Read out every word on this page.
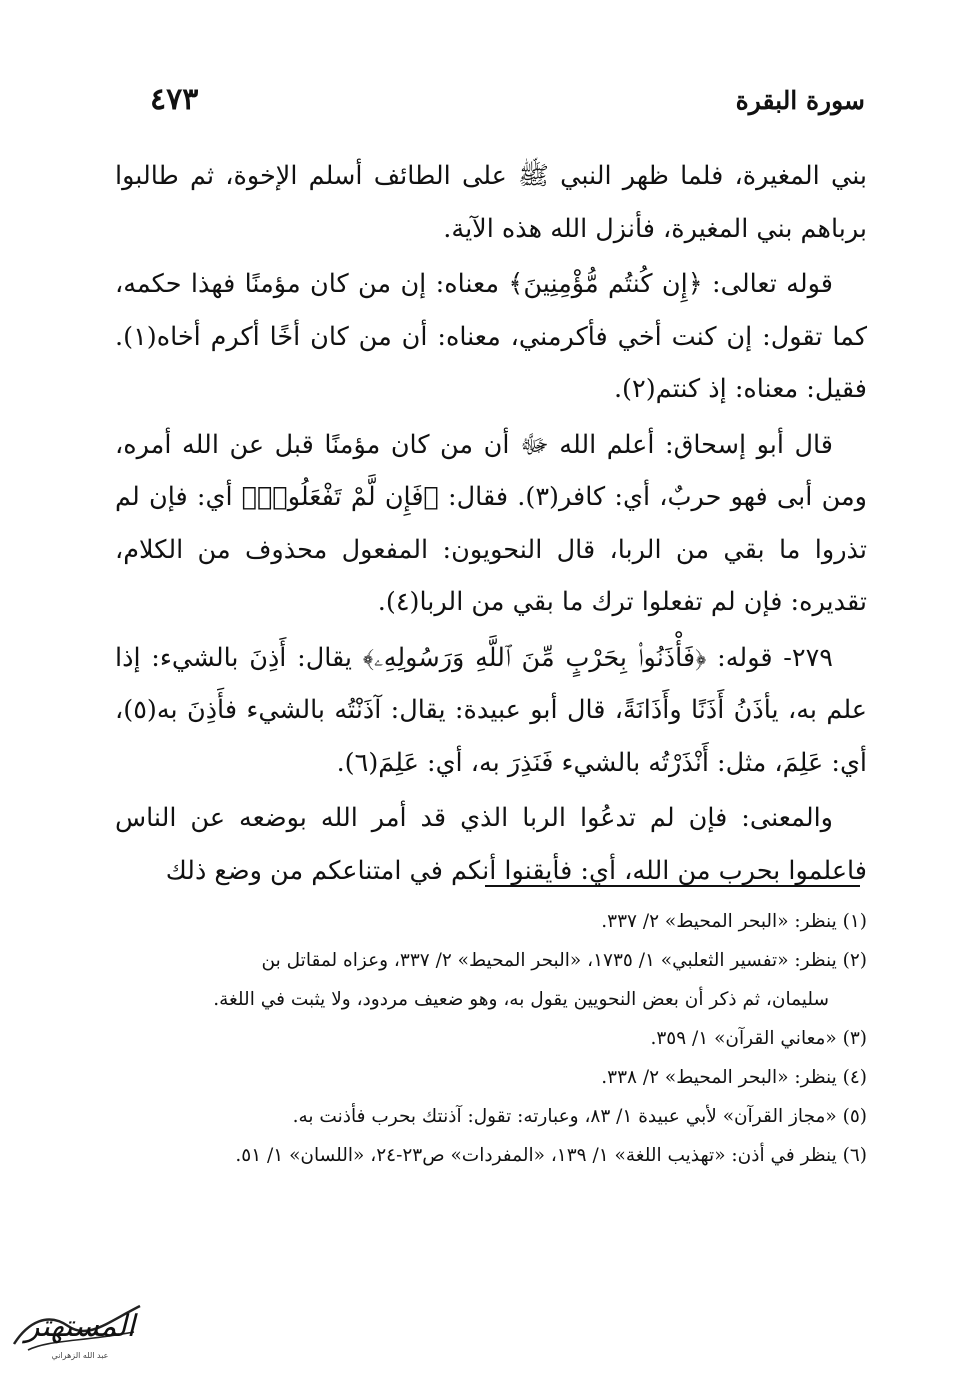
سورة البقرة
٤٧٣

بني المغيرة، فلما ظهر النبي ﷺ على الطائف أسلم الإخوة، ثم طالبوا برباهم بني المغيرة، فأنزل الله هذه الآية.

قوله تعالى: ﴿إِن كُنتُم مُّؤْمِنِينَ﴾ معناه: إن من كان مؤمنًا فهذا حكمه، كما تقول: إن كنت أخي فأكرمني، معناه: أن من كان أخًا أكرم أخاه(١). فقيل: معناه: إذ كنتم(٢).

قال أبو إسحاق: أعلم الله ﷻ أن من كان مؤمنًا قبل عن الله أمره، ومن أبى فهو حربٌ، أي: كافر(٣). فقال: ﴿فَإِن لَّمْ تَفْعَلُوا۟﴾ أي: فإن لم تذروا ما بقي من الربا، قال النحويون: المفعول محذوف من الكلام، تقديره: فإن لم تفعلوا ترك ما بقي من الربا(٤).

٢٧٩- قوله: ﴿فَأْذَنُوا۟ بِحَرْبٍ مِّنَ ٱللَّهِ وَرَسُولِهِۦ﴾ يقال: أَذِنَ بالشيء: إذا علم به، يأذَنُ أَذَنًا وأَذَانَةً، قال أبو عبيدة: يقال: آذَنْتُه بالشيء فأَذِنَ به(٥)، أي: عَلِمَ، مثل: أَنْذَرْتُه بالشيء فَنَذِرَ به، أي: عَلِمَ(٦).

والمعنى: فإن لم تدعُوا الربا الذي قد أمر الله بوضعه عن الناس فاعلموا بحرب من الله، أي: فأيقنوا أنكم في امتناعكم من وضع ذلك

(١) ينظر: «البحر المحيط» ٢/ ٣٣٧.

(٢) ينظر: «تفسير الثعلبي» ١/ ١٧٣٥، «البحر المحيط» ٢/ ٣٣٧، وعزاه لمقاتل بن

سليمان، ثم ذكر أن بعض النحويين يقول به، وهو ضعيف مردود، ولا يثبت في اللغة.

(٣) «معاني القرآن» ١/ ٣٥٩.

(٤) ينظر: «البحر المحيط» ٢/ ٣٣٨.

(٥) «مجاز القرآن» لأبي عبيدة ١/ ٨٣، وعبارته: تقول: آذنتك بحرب فأذنت به.

(٦) ينظر في أذن: «تهذيب اللغة» ١/ ١٣٩، «المفردات» ص٢٣-٢٤، «اللسان» ١/ ٥١.

المستهتر
عبد الله الزهراني
